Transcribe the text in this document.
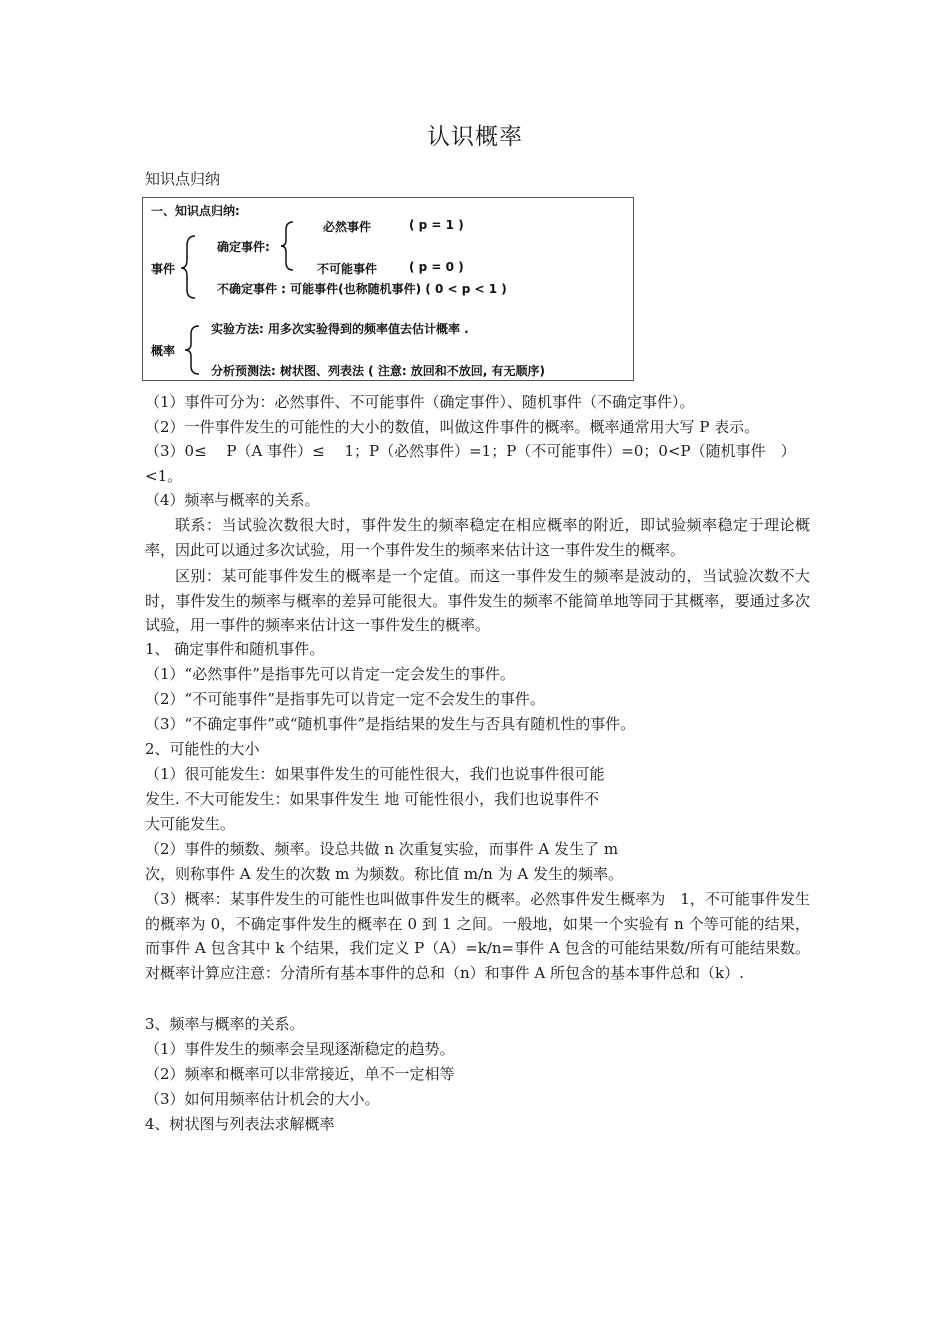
认识概率
知识点归纳
一、知识点归纳:
事件
确定事件:
必然事件	( p = 1 )
不可能事件	( p = 0 )
不确定事件 : 可能事件(也称随机事件) ( 0 < p < 1 )
概率
实验方法: 用多次实验得到的频率值去估计概率 .
分析预测法: 树状图、列表法 ( 注意: 放回和不放回, 有无顺序)
（1）事件可分为：必然事件、不可能事件（确定事件）、随机事件（不确定事件）。
（2）一件事件发生的可能性的大小的数值，叫做这件事件的概率。概率通常用大写 P 表示。
（3）0≤　 P（A 事件）≤　 1；P（必然事件）=1；P（不可能事件）=0；0<P（随机事件　）
<1。
（4）频率与概率的关系。
联系：当试验次数很大时，事件发生的频率稳定在相应概率的附近，即试验频率稳定于理论概率，因此可以通过多次试验，用一个事件发生的频率来估计这一事件发生的概率。
区别：某可能事件发生的概率是一个定值。而这一事件发生的频率是波动的，当试验次数不大时，事件发生的频率与概率的差异可能很大。事件发生的频率不能简单地等同于其概率，要通过多次试验，用一事件的频率来估计这一事件发生的概率。
1、 确定事件和随机事件。
（1）“必然事件”是指事先可以肯定一定会发生的事件。
（2）“不可能事件”是指事先可以肯定一定不会发生的事件。
（3）“不确定事件”或“随机事件”是指结果的发生与否具有随机性的事件。
2、可能性的大小
（1）很可能发生：如果事件发生的可能性很大，我们也说事件很可能
发生. 不大可能发生：如果事件发生 地 可能性很小，我们也说事件不
大可能发生。
（2）事件的频数、频率。设总共做 n 次重复实验，而事件 A 发生了 m
次，则称事件 A 发生的次数 m 为频数。称比值 m/n 为 A 发生的频率。
（3）概率：某事件发生的可能性也叫做事件发生的概率。必然事件发生概率为　1，不可能事件发生的概率为 0，不确定事件发生的概率在 0 到 1 之间。一般地，如果一个实验有 n 个等可能的结果，而事件 A 包含其中 k 个结果，我们定义 P（A）=k/n=事件 A 包含的可能结果数/所有可能结果数。对概率计算应注意：分清所有基本事件的总和（n）和事件 A 所包含的基本事件总和（k）.
3、频率与概率的关系。
（1）事件发生的频率会呈现逐渐稳定的趋势。
（2）频率和概率可以非常接近，单不一定相等
（3）如何用频率估计机会的大小。
4、树状图与列表法求解概率
